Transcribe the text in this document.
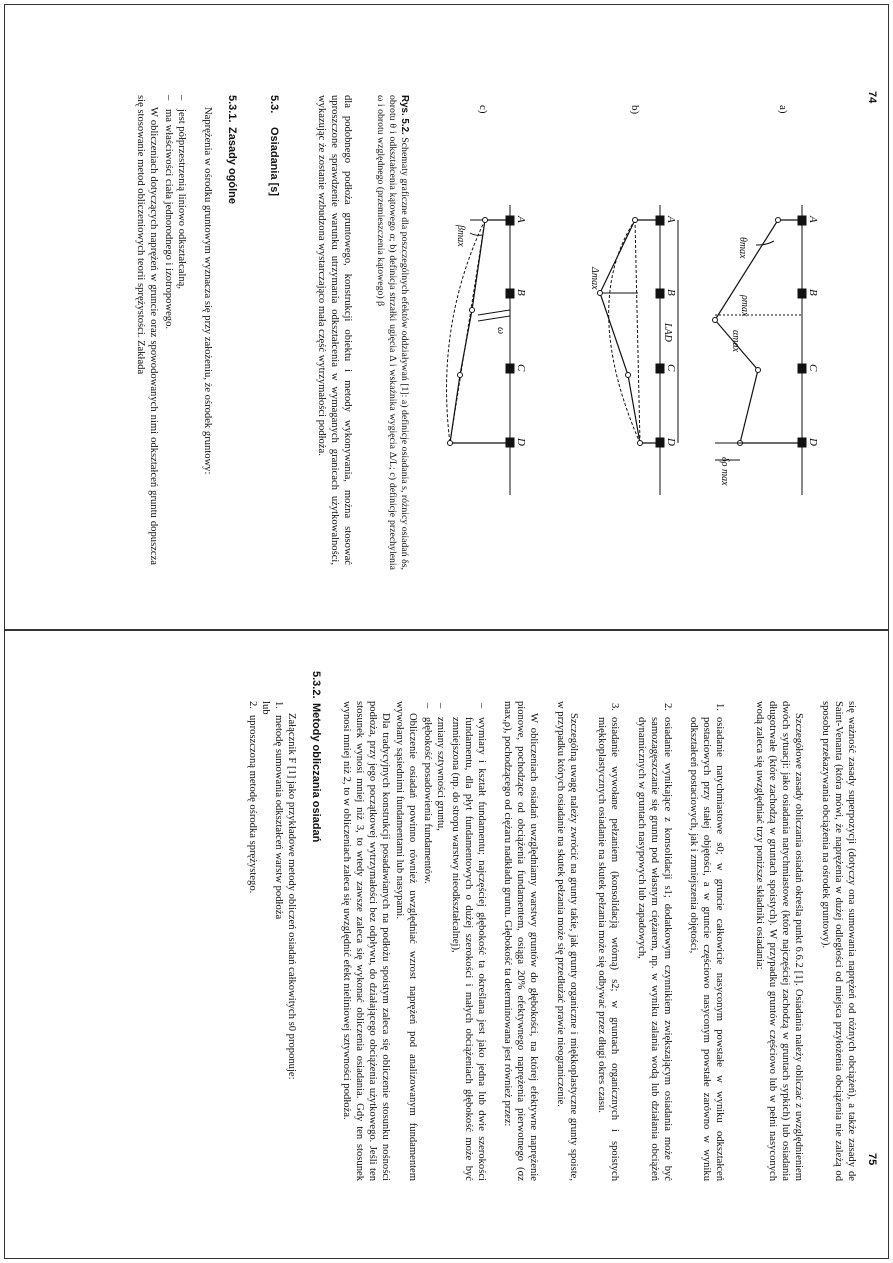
74
a)
b)
c)
A
B
C
D
A
B
C
D
A
B
C
D
θmax
ρmax
αmax
LAD
δρ max
Δmax
ω
βmax

Rys. 5.2. Schematy graficzne dla poszczególnych efektów oddziaływań [1]: a) definicje osiadania s, różnicy osiadań δs, obrotu θ i odkształcenia kątowego α; b) definicja strzałki ugięcia Δ i wskaźnika wygięcia Δ/L; c) definicje przechylenia ω i obrotu względnego (przemieszczenia kątowego) β

dla podobnego podłoża gruntowego, konstrukcji obiektu i metody wykonywania, można stosować uproszczone sprawdzenie warunku utrzymania odkształcenia w wymaganych granicach użytkowalności, wykazując że zostanie wzbudzona wystarczająco mała część wytrzymałości podłoża.

5.3.Osiadania [s]
5.3.1.Zasady ogólne

Naprężenia w ośrodku gruntowym wyznacza się przy założeniu, że ośrodek gruntowy:

–
jest półprzestrzenią liniowo odkształcalną,

–
ma właściwości ciała jednorodnego i izotropowego.

W obliczeniach dotyczących naprężeń w gruncie oraz spowodowanych nimi odkształceń gruntu dopuszcza się stosowanie metod obliczeniowych teorii sprężystości. Zakłada

75

się ważność zasady superpozycji (dotyczy ona sumowania naprężeń od różnych obciążeń), a także zasady de Saint-Venanta (która mówi, że naprężenia w dużej odległości od miejsca przyłożenia obciążenia nie zależą od sposobu przekazywania obciążenia na ośrodek gruntowy).

Szczegółowe zasady obliczania osiadań określa punkt 6.6.2 [1]. Osiadania należy obliczać z uwzględnieniem dwóch sytuacji: jako osiadania natychmiastowe (które najczęściej zachodzą w gruntach sypkich) lub osiadania długotrwałe (które zachodzą w gruntach spoistych). W przypadku gruntów częściowo lub w pełni nasyconych wodą zaleca się uwzględniać trzy poniższe składniki osiadania:

1.
osiadanie natychmiastowe s0; w gruncie całkowicie nasyconym powstałe w wyniku odkształceń postaciowych przy stałej objętości, a w gruncie częściowo nasyconym powstałe zarówno w wyniku odkształceń postaciowych, jak i zmniejszenia objętości,

2.
osiadanie wynikające z konsolidacji s1; dodatkowym czynnikiem zwiększającym osiadania może być samozagęszczanie się gruntu pod własnym ciężarem, np. w wyniku zalania wodą lub działania obciążeń dynamicznych w gruntach nasypowych lub zapadowych,

3.
osiadanie wywołane pełzaniem (konsolidacją wtórną) s2; w gruntach organicznych i spoistych miękkoplastycznych osiadanie na skutek pełzania może się odbywać przez długi okres czasu.

Szczególną uwagę należy zwrócić na grunty takie, jak grunty organiczne i miękkoplastyczne grunty spoiste, w przypadku których osiadanie na skutek pełzania może się przedłużać prawie nieograniczenie.

W obliczeniach osiadań uwzględniamy warstwy gruntów do głębokości, na której efektywne naprężenie pionowe, pochodzące od obciążenia fundamentem, osiąga 20% efektywnego naprężenia pierwotnego (σz max,ρ), pochodzącego od ciężaru nadkładu gruntu. Głębokość ta determinowana jest również przez:

–
wymiary i kształt fundamentu; najczęściej głębokość ta określana jest jako jedna lub dwie szerokości fundamentu, dla płyt fundamentowych o dużej szerokości i małych obciążeniach głębokość może być zmniejszona (np. do stropu warstwy nieodkształcalnej),

–
zmiany sztywności gruntu,

–
głębokość posadowienia fundamentów.

Obliczenie osiadań powinno również uwzględniać wzrost naprężeń pod analizowanym fundamentem wywołany sąsiednimi fundamentami lub nasypami.

Dla tradycyjnych konstrukcji posadawianych na podłożu spoistym zaleca się obliczenie stosunku nośności podłoża, przy jego początkowej wytrzymałości bez odpływu, do działającego obciążenia użytkowego. Jeśli ten stosunek wynosi mniej niż 3, to wtedy zawsze zaleca się wykonać obliczenia osiadania. Gdy ten stosunek wynosi mniej niż 2, to w obliczeniach zaleca się uwzględnić efekt nieliniowej sztywności podłoża.

5.3.2.Metody obliczania osiadań

Załącznik F [1] jako przykładowe metody obliczeń osiadań całkowitych s0 proponuje:

1.
metodę sumowania odkształceń warstw podłoża

lub

2.
uproszczoną metodę ośrodka sprężystego.
